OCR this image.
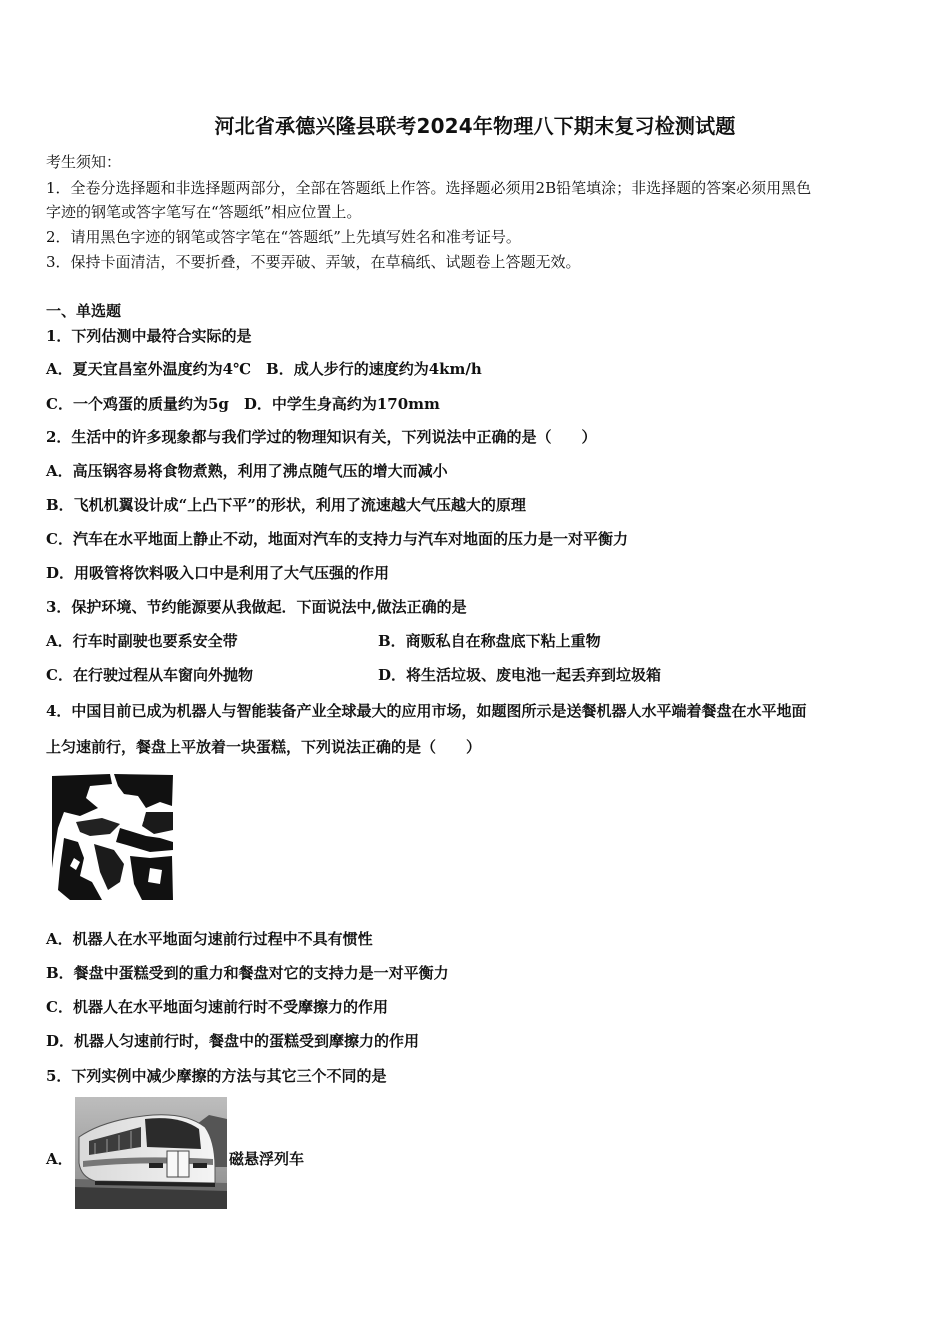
河北省承德兴隆县联考2024年物理八下期末复习检测试题
考生须知：
1．全卷分选择题和非选择题两部分，全部在答题纸上作答。选择题必须用2B铅笔填涂；非选择题的答案必须用黑色
字迹的钢笔或答字笔写在“答题纸”相应位置上。
2．请用黑色字迹的钢笔或答字笔在“答题纸”上先填写姓名和准考证号。
3．保持卡面清洁，不要折叠，不要弄破、弄皱，在草稿纸、试题卷上答题无效。
一、单选题
1．下列估测中最符合实际的是
A．夏天宜昌室外温度约为4℃　B．成人步行的速度约为4km/h
C．一个鸡蛋的质量约为5g　D．中学生身高约为170mm
2．生活中的许多现象都与我们学过的物理知识有关，下列说法中正确的是（　　）
A．高压锅容易将食物煮熟，利用了沸点随气压的增大而减小
B．飞机机翼设计成“上凸下平”的形状，利用了流速越大气压越大的原理
C．汽车在水平地面上静止不动，地面对汽车的支持力与汽车对地面的压力是一对平衡力
D．用吸管将饮料吸入口中是利用了大气压强的作用
3．保护环境、节约能源要从我做起．下面说法中,做法正确的是
A．行车时副驶也要系安全带	B．商贩私自在称盘底下粘上重物
C．在行驶过程从车窗向外抛物	D．将生活垃圾、废电池一起丢弃到垃圾箱
4．中国目前已成为机器人与智能装备产业全球最大的应用市场，如题图所示是送餐机器人水平端着餐盘在水平地面
上匀速前行，餐盘上平放着一块蛋糕，下列说法正确的是（　　）
A．机器人在水平地面匀速前行过程中不具有惯性
B．餐盘中蛋糕受到的重力和餐盘对它的支持力是一对平衡力
C．机器人在水平地面匀速前行时不受摩擦力的作用
D．机器人匀速前行时，餐盘中的蛋糕受到摩擦力的作用
5．下列实例中减少摩擦的方法与其它三个不同的是
A．	磁悬浮列车
